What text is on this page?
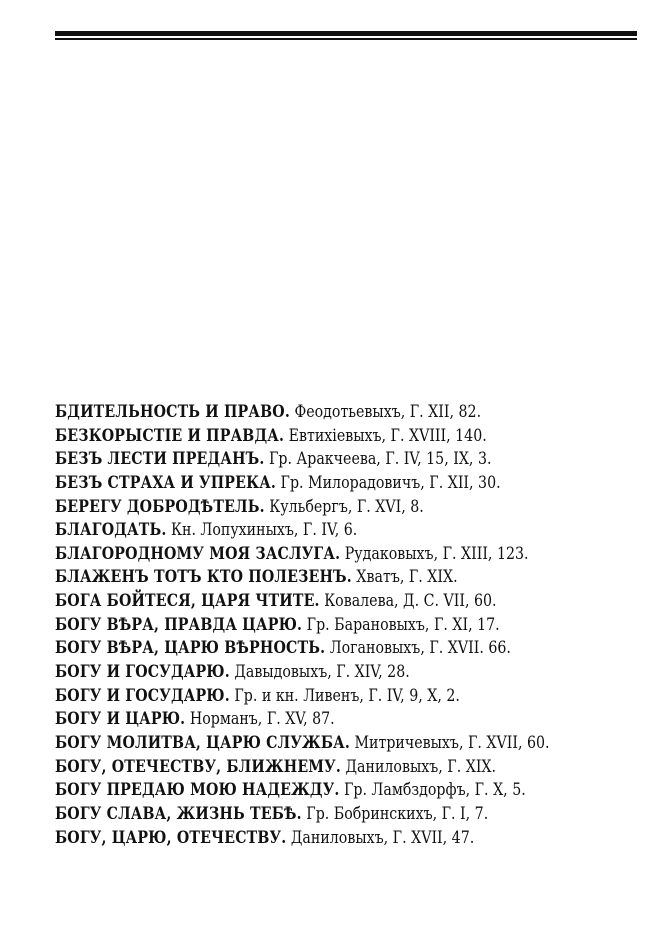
БДИТЕЛЬНОСТЬ И ПРАВО. Феодотьевыхъ, Г. XII, 82.
БЕЗКОРЫСТІЕ И ПРАВДА. Евтихіевыхъ, Г. XVIII, 140.
БЕЗЪ ЛЕСТИ ПРЕДАНЪ. Гр. Аракчеева, Г. IV, 15, IX, 3.
БЕЗЪ СТРАХА И УПРЕКА. Гр. Милорадовичъ, Г. XII, 30.
БЕРЕГУ ДОБРОДѢТЕЛЬ. Кульбергъ, Г. XVI, 8.
БЛАГОДАТЬ. Кн. Лопухиныхъ, Г. IV, 6.
БЛАГОРОДНОМУ МОЯ ЗАСЛУГА. Рудаковыхъ, Г. XIII, 123.
БЛАЖЕНЪ ТОТЪ КТО ПОЛЕЗЕНЪ. Хватъ, Г. XIX.
БОГА БОЙТЕСЯ, ЦАРЯ ЧТИТЕ. Ковалева, Д. С. VII, 60.
БОГУ ВѢРА, ПРАВДА ЦАРЮ. Гр. Барановыхъ, Г. XI, 17.
БОГУ ВѢРА, ЦАРЮ ВѢРНОСТЬ. Логановыхъ, Г. XVII. 66.
БОГУ И ГОСУДАРЮ. Давыдовыхъ, Г. XIV, 28.
БОГУ И ГОСУДАРЮ. Гр. и кн. Ливенъ, Г. IV, 9, X, 2.
БОГУ И ЦАРЮ. Норманъ, Г. XV, 87.
БОГУ МОЛИТВА, ЦАРЮ СЛУЖБА. Митричевыхъ, Г. XVII, 60.
БОГУ, ОТЕЧЕСТВУ, БЛИЖНЕМУ. Даниловыхъ, Г. XIX.
БОГУ ПРЕДАЮ МОЮ НАДЕЖДУ. Гр. Ламбздорфъ, Г. X, 5.
БОГУ СЛАВА, ЖИЗНЬ ТЕБѢ. Гр. Бобринскихъ, Г. I, 7.
БОГУ, ЦАРЮ, ОТЕЧЕСТВУ. Даниловыхъ, Г. XVII, 47.
